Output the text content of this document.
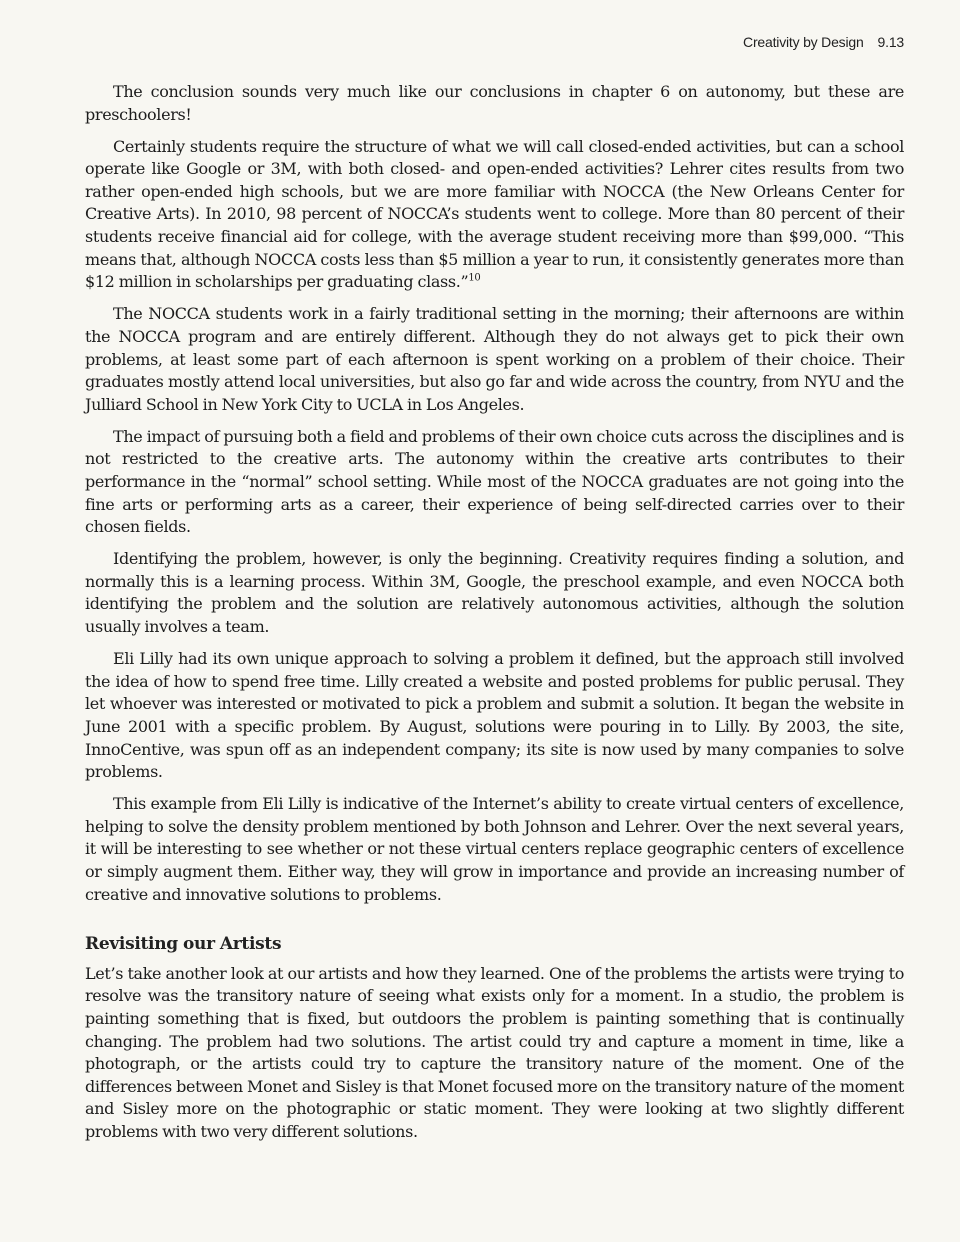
Creativity by Design 9.13

The conclusion sounds very much like our conclusions in chapter 6 on autonomy, but these are preschoolers!

Certainly students require the structure of what we will call closed-ended activities, but can a school operate like Google or 3M, with both closed- and open-ended activities? Lehrer cites results from two rather open-ended high schools, but we are more familiar with NOCCA (the New Orleans Center for Creative Arts). In 2010, 98 percent of NOCCA’s students went to college. More than 80 percent of their students receive financial aid for college, with the average student receiving more than $99,000. “This means that, although NOCCA costs less than $5 million a year to run, it consistently generates more than $12 million in scholarships per graduating class.”$^{10}$

The NOCCA students work in a fairly traditional setting in the morning; their afternoons are within the NOCCA program and are entirely different. Although they do not always get to pick their own problems, at least some part of each afternoon is spent working on a problem of their choice. Their graduates mostly attend local universities, but also go far and wide across the country, from NYU and the Julliard School in New York City to UCLA in Los Angeles.

The impact of pursuing both a field and problems of their own choice cuts across the disciplines and is not restricted to the creative arts. The autonomy within the creative arts contributes to their performance in the “normal” school setting. While most of the NOCCA graduates are not going into the fine arts or performing arts as a career, their experience of being self-directed carries over to their chosen fields.

Identifying the problem, however, is only the beginning. Creativity requires finding a solution, and normally this is a learning process. Within 3M, Google, the preschool example, and even NOCCA both identifying the problem and the solution are relatively autonomous activities, although the solution usually involves a team.

Eli Lilly had its own unique approach to solving a problem it defined, but the approach still involved the idea of how to spend free time. Lilly created a website and posted problems for public perusal. They let whoever was interested or motivated to pick a problem and submit a solution. It began the website in June 2001 with a specific problem. By August, solutions were pouring in to Lilly. By 2003, the site, InnoCentive, was spun off as an independent company; its site is now used by many companies to solve problems.

This example from Eli Lilly is indicative of the Internet’s ability to create virtual centers of excellence, helping to solve the density problem mentioned by both Johnson and Lehrer. Over the next several years, it will be interesting to see whether or not these virtual centers replace geographic centers of excellence or simply augment them. Either way, they will grow in importance and provide an increasing number of creative and innovative solutions to problems.

Revisiting our Artists

Let’s take another look at our artists and how they learned. One of the problems the artists were trying to resolve was the transitory nature of seeing what exists only for a moment. In a studio, the problem is painting something that is fixed, but outdoors the problem is painting something that is continually changing. The problem had two solutions. The artist could try and capture a moment in time, like a photograph, or the artists could try to capture the transitory nature of the moment. One of the differences between Monet and Sisley is that Monet focused more on the transitory nature of the moment and Sisley more on the photographic or static moment. They were looking at two slightly different problems with two very different solutions.
